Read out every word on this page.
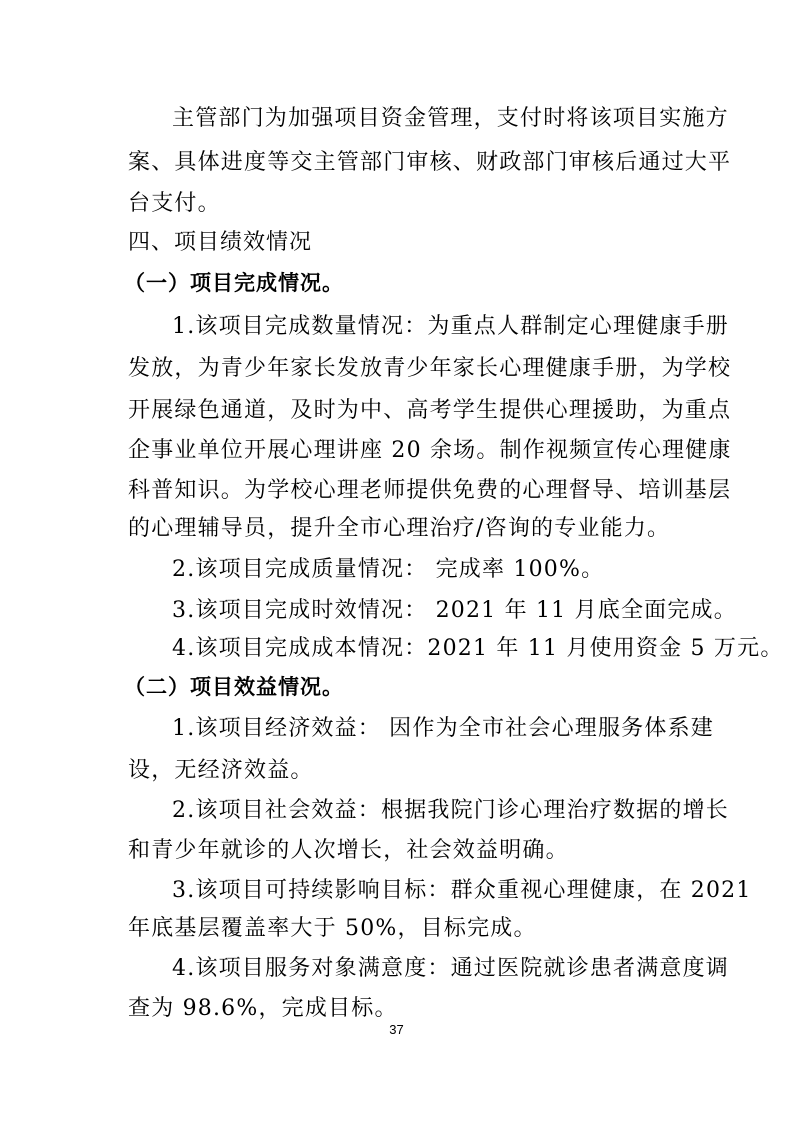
主管部门为加强项目资金管理，支付时将该项目实施方

案、具体进度等交主管部门审核、财政部门审核后通过大平

台支付。

四、项目绩效情况

（一）项目完成情况。

1.该项目完成数量情况：为重点人群制定心理健康手册

发放，为青少年家长发放青少年家长心理健康手册，为学校

开展绿色通道，及时为中、高考学生提供心理援助，为重点

企事业单位开展心理讲座 20 余场。制作视频宣传心理健康

科普知识。为学校心理老师提供免费的心理督导、培训基层

的心理辅导员，提升全市心理治疗/咨询的专业能力。

2.该项目完成质量情况： 完成率 100%。

3.该项目完成时效情况： 2021 年 11 月底全面完成。

4.该项目完成成本情况：2021 年 11 月使用资金 5 万元。

（二）项目效益情况。

1.该项目经济效益： 因作为全市社会心理服务体系建

设，无经济效益。

2.该项目社会效益：根据我院门诊心理治疗数据的增长

和青少年就诊的人次增长，社会效益明确。

3.该项目可持续影响目标：群众重视心理健康，在 2021

年底基层覆盖率大于 50%，目标完成。

4.该项目服务对象满意度：通过医院就诊患者满意度调

查为 98.6%，完成目标。

37
